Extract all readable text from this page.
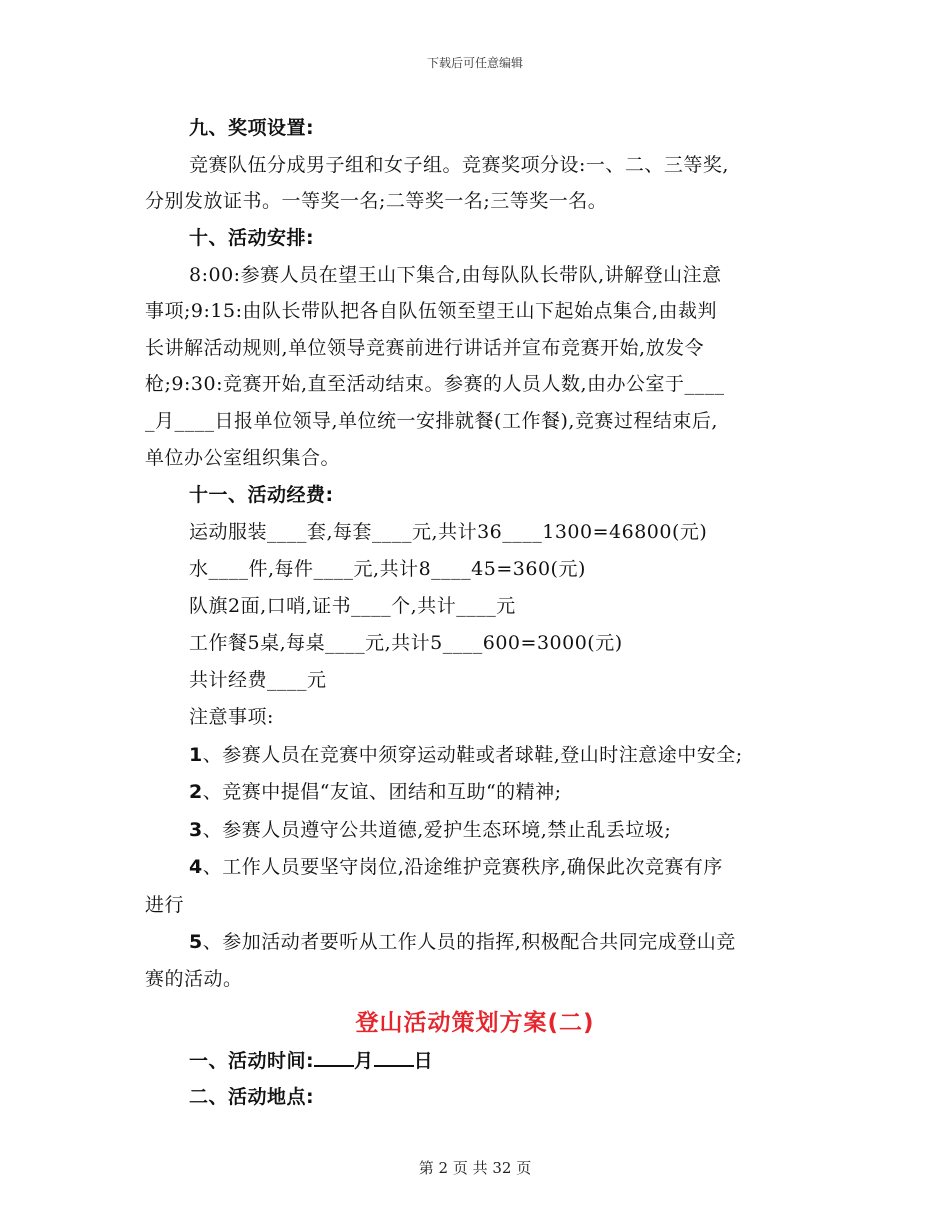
下载后可任意编辑
九、奖项设置:
竞赛队伍分成男子组和女子组。竞赛奖项分设:一、二、三等奖,
分别发放证书。一等奖一名;二等奖一名;三等奖一名。
十、活动安排:
8:00:参赛人员在望王山下集合,由每队队长带队,讲解登山注意
事项;9:15:由队长带队把各自队伍领至望王山下起始点集合,由裁判
长讲解活动规则,单位领导竞赛前进行讲话并宣布竞赛开始,放发令
枪;9:30:竞赛开始,直至活动结束。参赛的人员人数,由办公室于____
_月____日报单位领导,单位统一安排就餐(工作餐),竞赛过程结束后,
单位办公室组织集合。
十一、活动经费:
运动服装____套,每套____元,共计36____1300=46800(元)
水____件,每件____元,共计8____45=360(元)
队旗2面,口哨,证书____个,共计____元
工作餐5桌,每桌____元,共计5____600=3000(元)
共计经费____元
注意事项:
1、参赛人员在竞赛中须穿运动鞋或者球鞋,登山时注意途中安全;
2、竞赛中提倡“友谊、团结和互助“的精神;
3、参赛人员遵守公共道德,爱护生态环境,禁止乱丢垃圾;
4、工作人员要坚守岗位,沿途维护竞赛秩序,确保此次竞赛有序
进行
5、参加活动者要听从工作人员的指挥,积极配合共同完成登山竞
赛的活动。
登山活动策划方案(二)
一、活动时间: 月 日
二、活动地点:
第 2 页 共 32 页
